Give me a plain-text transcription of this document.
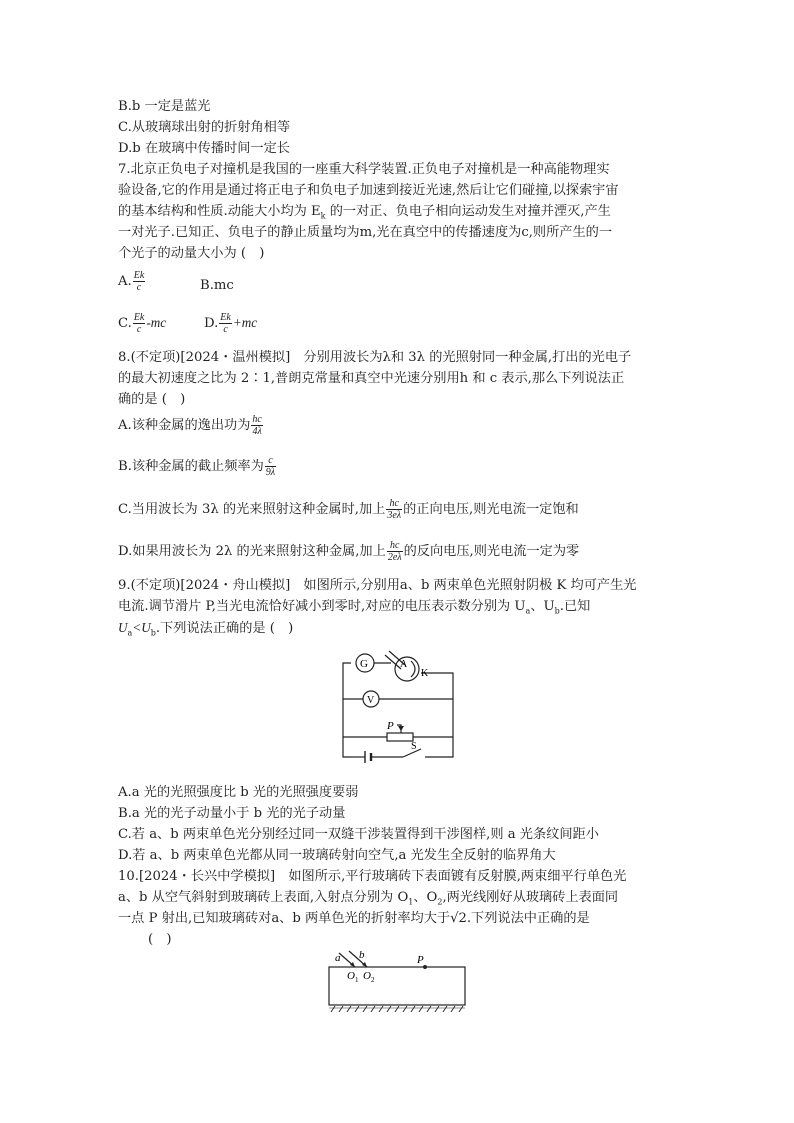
B.b 一定是蓝光
C.从玻璃球出射的折射角相等
D.b 在玻璃中传播时间一定长
7.北京正负电子对撞机是我国的一座重大科学装置.正负电子对撞机是一种高能物理实
验设备,它的作用是通过将正电子和负电子加速到接近光速,然后让它们碰撞,以探索宇宙
的基本结构和性质.动能大小均为 $E_k$ 的一对正、负电子相向运动发生对撞并湮灭,产生
一对光子.已知正、负电子的静止质量均为m,光在真空中的传播速度为c,则所产生的一
个光子的动量大小为 (　)
A. $\frac{Ek}{c}$	B.mc
C. $\frac{Ek}{c} -mc$	D. $\frac{Ek}{c} +mc$
8.(不定项)[2024・温州模拟]　分别用波长为λ和 3λ 的光照射同一种金属,打出的光电子
的最大初速度之比为 2∶1,普朗克常量和真空中光速分别用h 和 c 表示,那么下列说法正
确的是 (　)
A.该种金属的逸出功为 $\frac{hc}{4\lambda}$
B.该种金属的截止频率为 $\frac{c}{9\lambda}$
C.当用波长为 3λ 的光来照射这种金属时,加上 $\frac{hc}{3e\lambda}$ 的正向电压,则光电流一定饱和
D.如果用波长为 2λ 的光来照射这种金属,加上 $\frac{hc}{2e\lambda}$ 的反向电压,则光电流一定为零
9.(不定项)[2024・舟山模拟]　如图所示,分别用a、b 两束单色光照射阴极 K 均可产生光
电流.调节滑片 P,当光电流恰好减小到零时,对应的电压表示数分别为 $U_a$、$U_b$.已知
$U_a<U_b$.下列说法正确的是 (　)
G	A
K
V
P
S
A.a 光的光照强度比 b 光的光照强度要弱
B.a 光的光子动量小于 b 光的光子动量
C.若 a、b 两束单色光分别经过同一双缝干涉装置得到干涉图样,则 a 光条纹间距小
D.若 a、b 两束单色光都从同一玻璃砖射向空气,a 光发生全反射的临界角大
10.[2024・长兴中学模拟]　如图所示,平行玻璃砖下表面镀有反射膜,两束细平行单色光
a、b 从空气斜射到玻璃砖上表面,入射点分别为 $O_1$、$O_2$,两光线刚好从玻璃砖上表面同
一点 P 射出,已知玻璃砖对a、b 两单色光的折射率均大于√2.下列说法中正确的是
(　)
a b
$O_1$ $O_2$
P
